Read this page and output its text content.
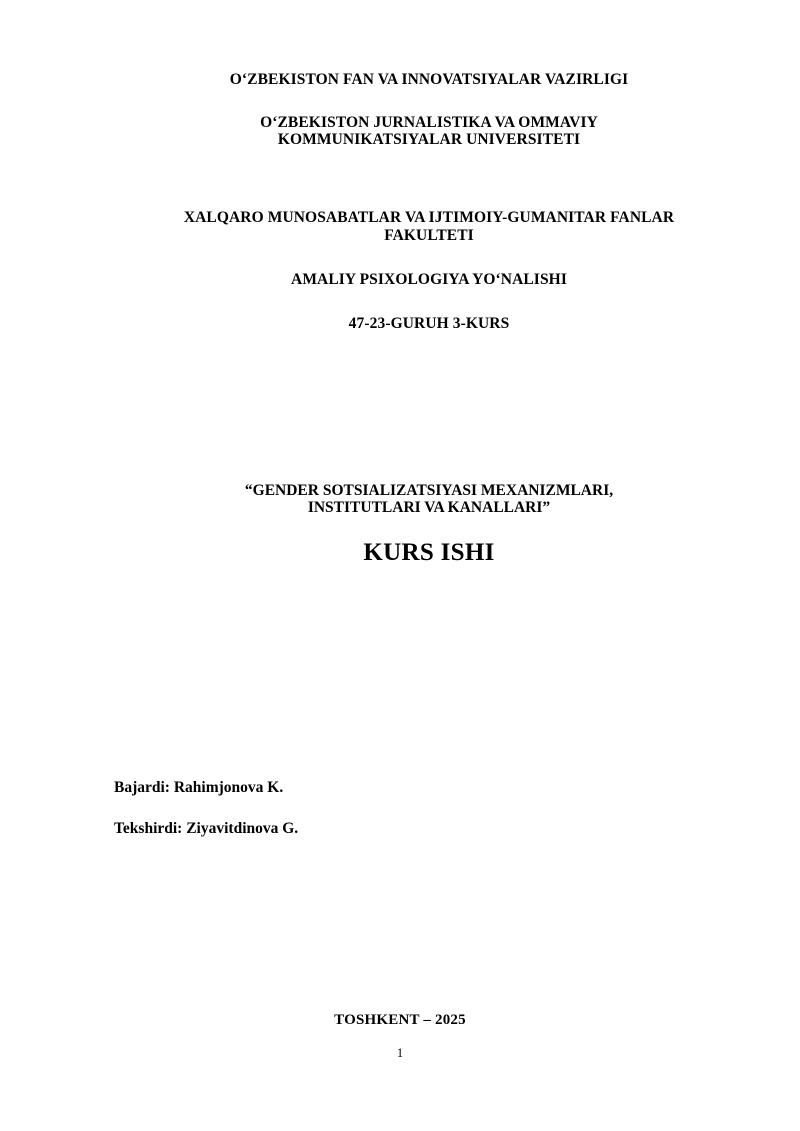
O‘ZBEKISTON FAN VA INNOVATSIYALAR VAZIRLIGI
O‘ZBEKISTON JURNALISTIKA VA OMMAVIY
KOMMUNIKATSIYALAR UNIVERSITETI
XALQARO MUNOSABATLAR VA IJTIMOIY-GUMANITAR FANLAR
FAKULTETI
AMALIY PSIXOLOGIYA YO‘NALISHI
47-23-GURUH 3-KURS
“GENDER SOTSIALIZATSIYASI MEXANIZMLARI,
INSTITUTLARI VA KANALLARI”
KURS ISHI
Bajardi: Rahimjonova K.
Tekshirdi: Ziyavitdinova G.
TOSHKENT – 2025
1
